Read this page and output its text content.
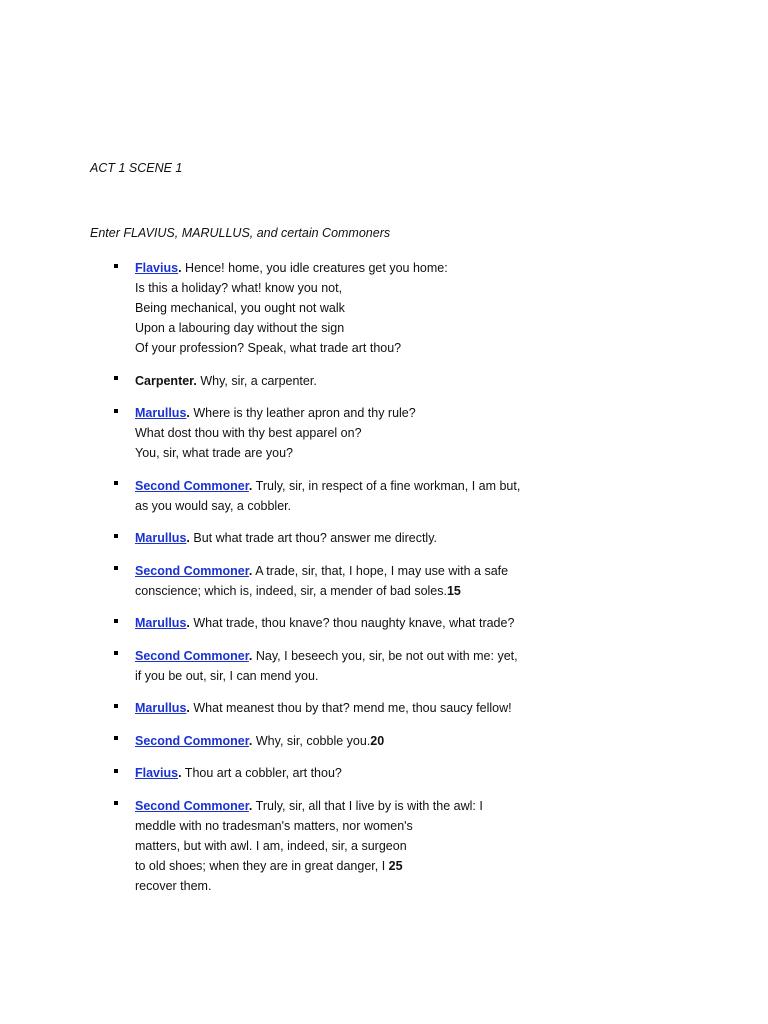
ACT 1 SCENE 1

Enter FLAVIUS, MARULLUS, and certain Commoners

Flavius. Hence! home, you idle creatures get you home:
Is this a holiday? what! know you not,
Being mechanical, you ought not walk
Upon a labouring day without the sign
Of your profession? Speak, what trade art thou?
Carpenter. Why, sir, a carpenter.
Marullus. Where is thy leather apron and thy rule?
What dost thou with thy best apparel on?
You, sir, what trade are you?
Second Commoner. Truly, sir, in respect of a fine workman, I am but,
as you would say, a cobbler.
Marullus. But what trade art thou? answer me directly.
Second Commoner. A trade, sir, that, I hope, I may use with a safe
conscience; which is, indeed, sir, a mender of bad soles.15
Marullus. What trade, thou knave? thou naughty knave, what trade?
Second Commoner. Nay, I beseech you, sir, be not out with me: yet,
if you be out, sir, I can mend you.
Marullus. What meanest thou by that? mend me, thou saucy fellow!
Second Commoner. Why, sir, cobble you.20
Flavius. Thou art a cobbler, art thou?
Second Commoner. Truly, sir, all that I live by is with the awl: I
meddle with no tradesman's matters, nor women's
matters, but with awl. I am, indeed, sir, a surgeon
to old shoes; when they are in great danger, I 25
recover them.
